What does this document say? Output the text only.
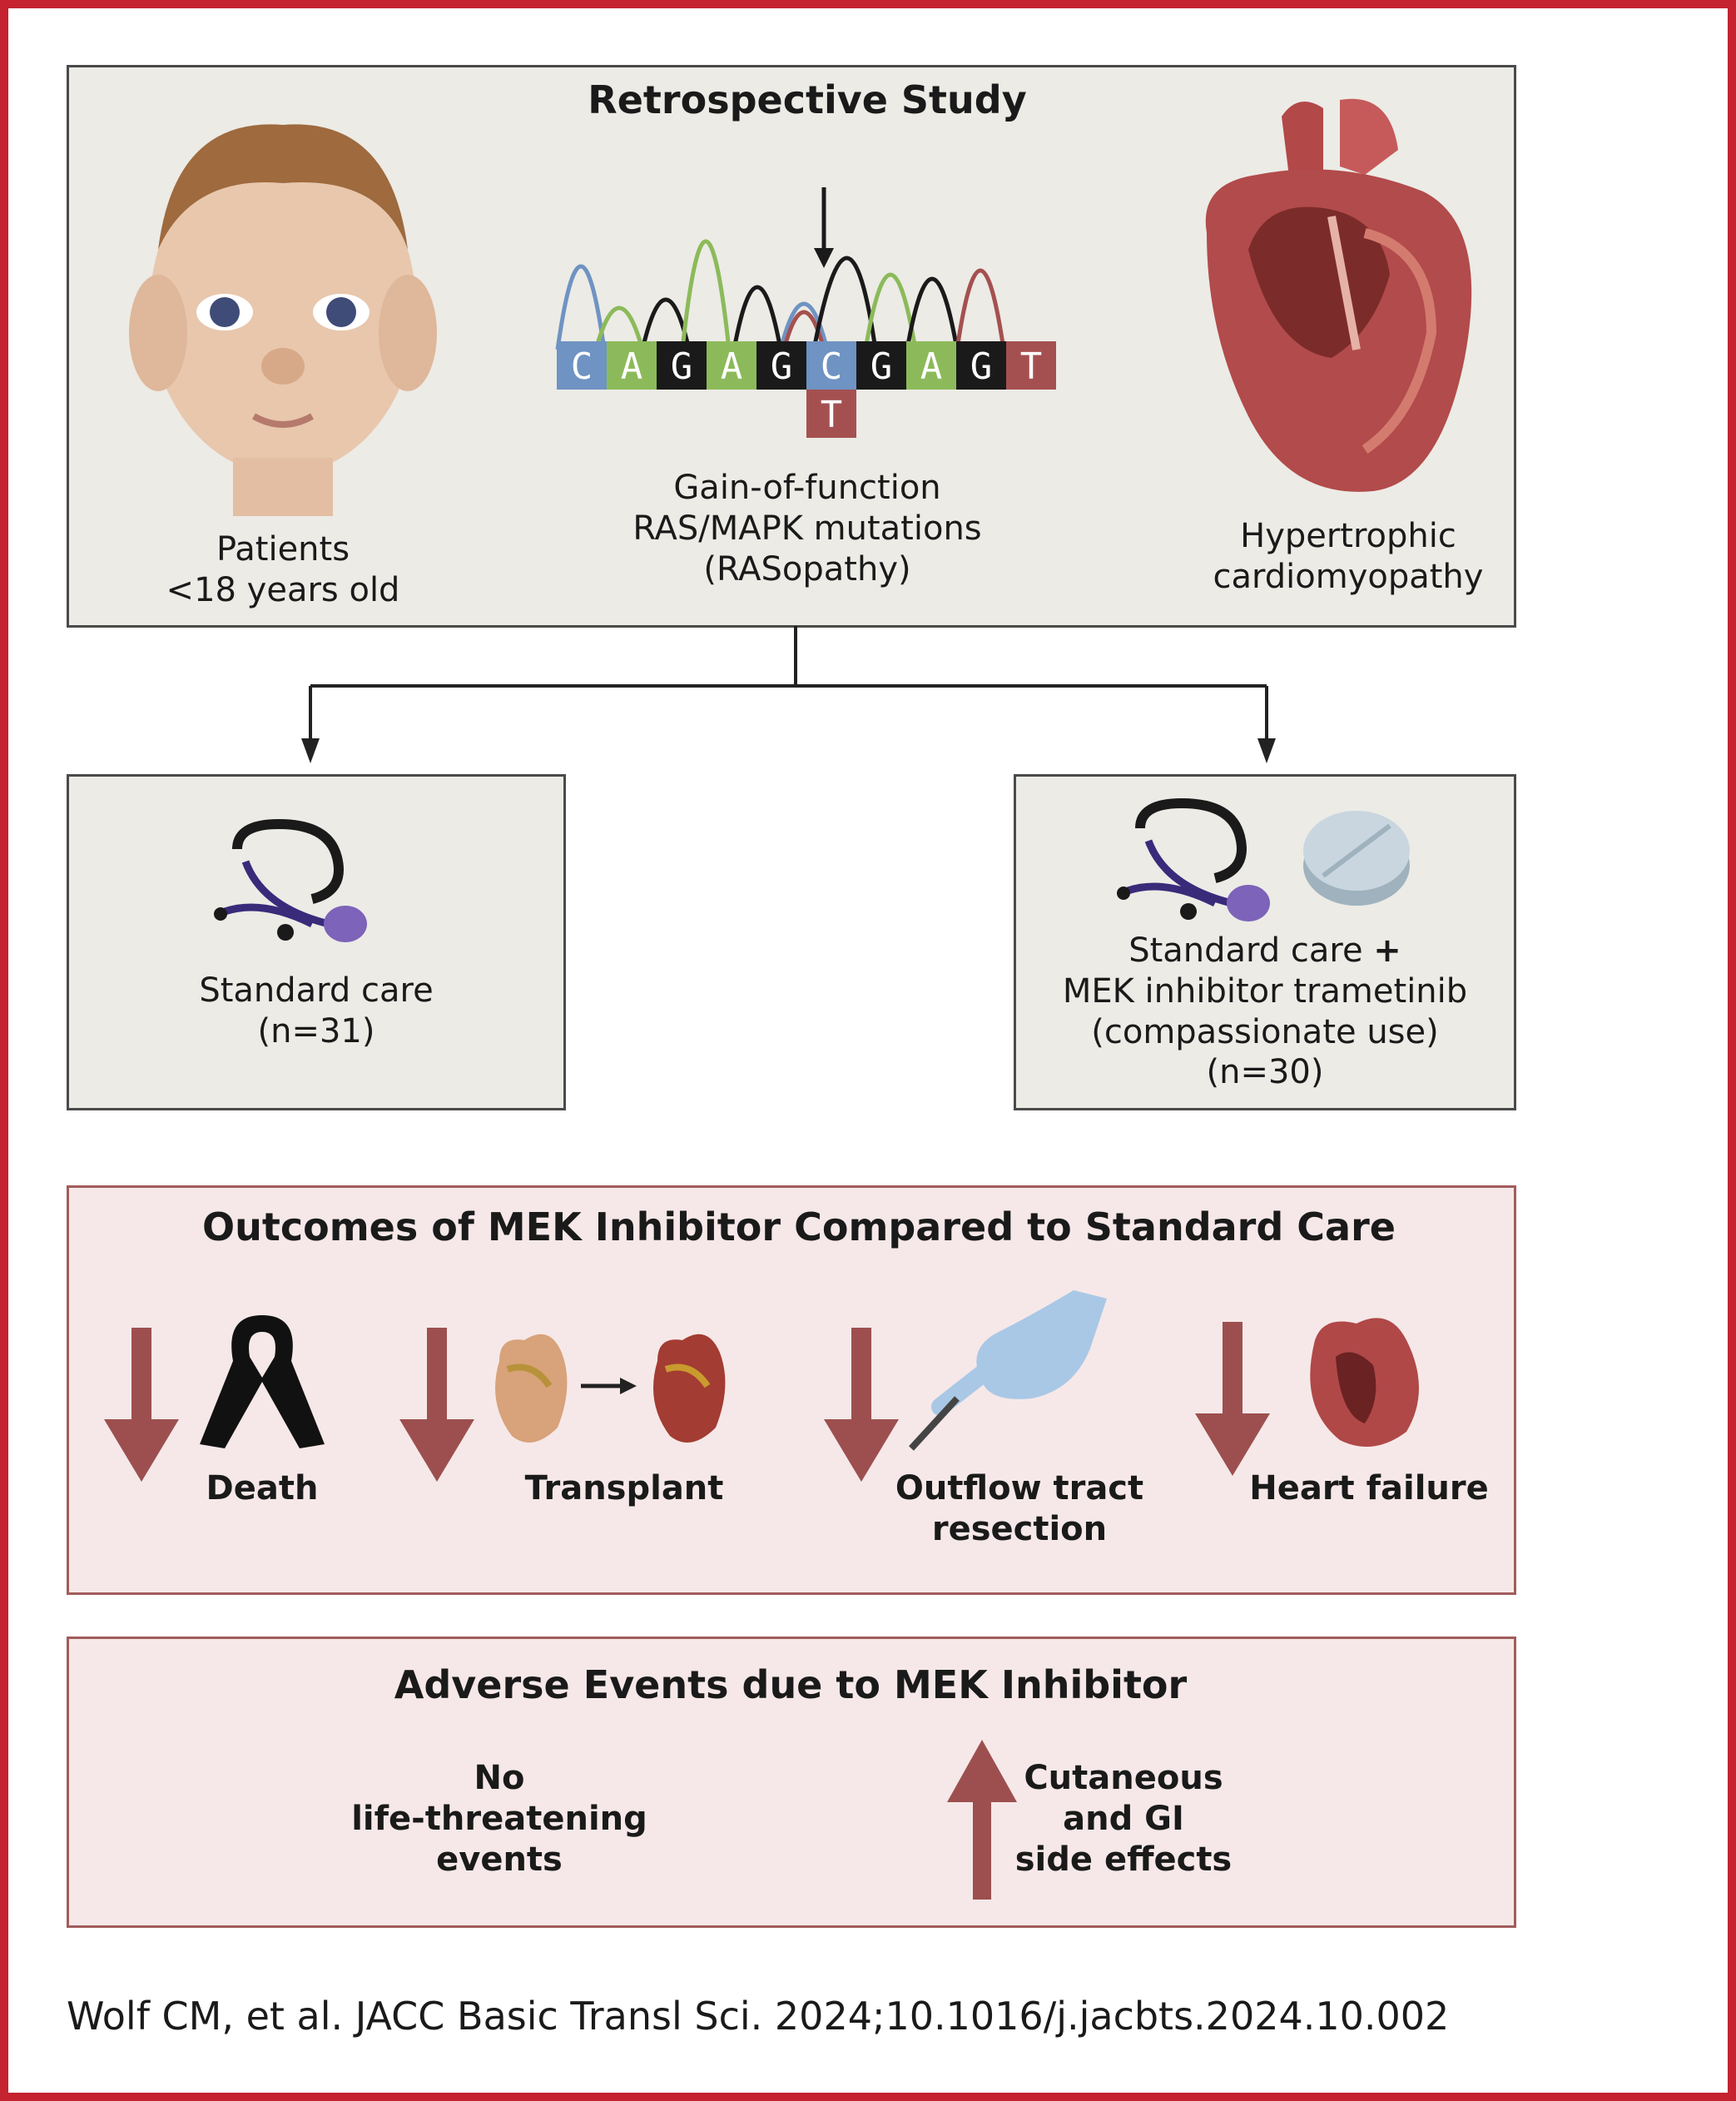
Retrospective Study
Patients
<18 years old
C A G A G C G A G T
T
Gain-of-function
RAS/MAPK mutations
(RASopathy)
Hypertrophic
cardiomyopathy
Standard care
(n=31)
Standard care +
MEK inhibitor trametinib
(compassionate use)
(n=30)
Outcomes of MEK Inhibitor Compared to Standard Care
Death	Transplant	Outflow tract
resection
Heart failure
Adverse Events due to MEK Inhibitor
No
life-threatening
events
Cutaneous
and GI
side effects
Wolf CM, et al. JACC Basic Transl Sci. 2024;10.1016/j.jacbts.2024.10.002
